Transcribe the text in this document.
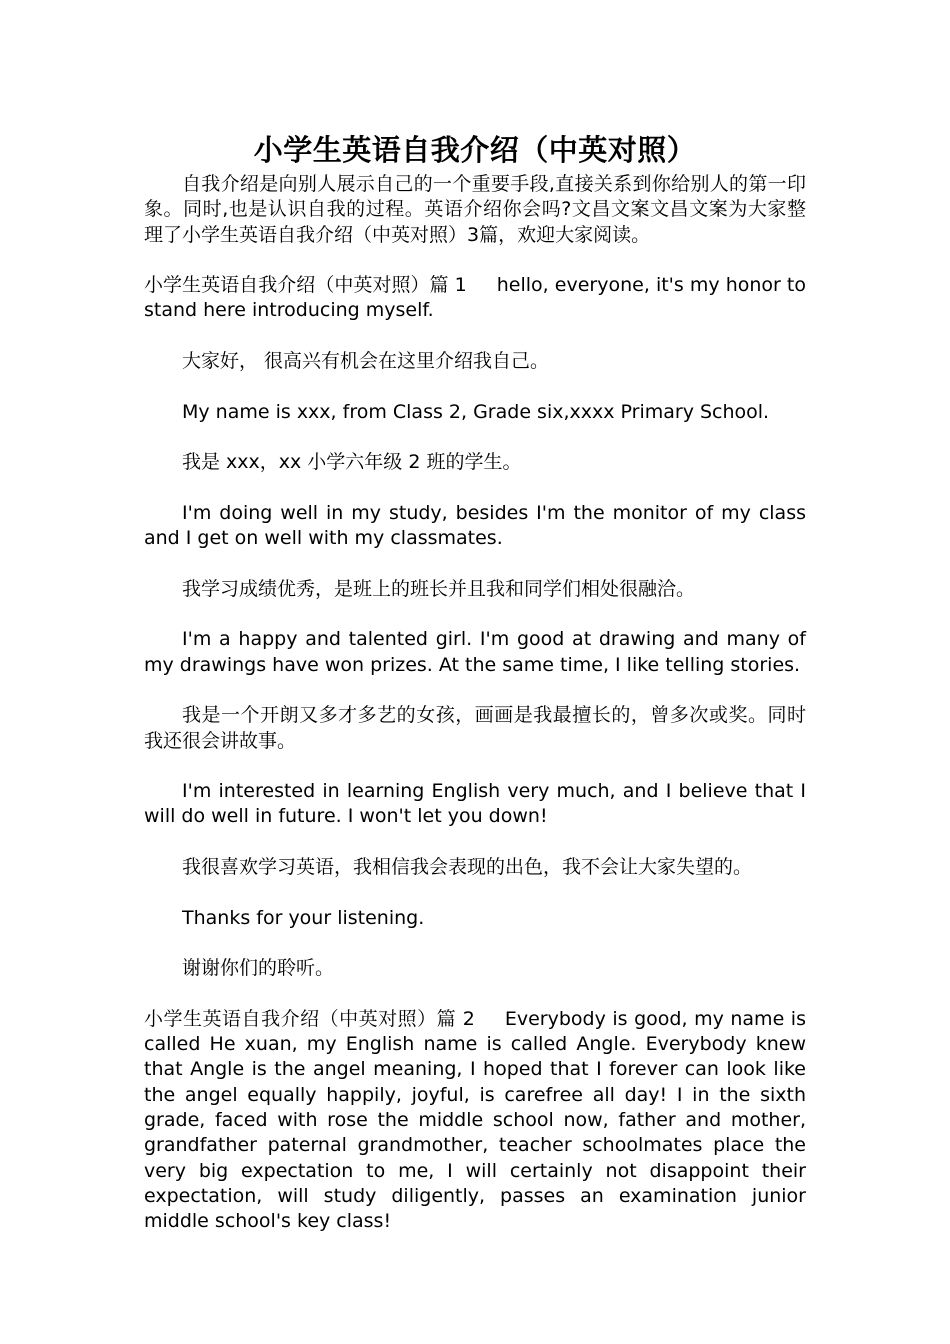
小学生英语自我介绍（中英对照）

自我介绍是向别人展示自己的一个重要手段,直接关系到你给别人的第一印象。同时,也是认识自我的过程。英语介绍你会吗?文昌文案文昌文案为大家整理了小学生英语自我介绍（中英对照）3篇，欢迎大家阅读。

小学生英语自我介绍（中英对照）篇 1 hello, everyone, it's my honor to stand here introducing myself.

大家好， 很高兴有机会在这里介绍我自己。

My name is xxx, from Class 2, Grade six,xxxx Primary School.

我是 xxx，xx 小学六年级 2 班的学生。

I'm doing well in my study, besides I'm the monitor of my class and I get on well with my classmates.

我学习成绩优秀，是班上的班长并且我和同学们相处很融洽。

I'm a happy and talented girl. I'm good at drawing and many of my drawings have won prizes. At the same time, I like telling stories.

我是一个开朗又多才多艺的女孩，画画是我最擅长的，曾多次或奖。同时我还很会讲故事。

I'm interested in learning English very much, and I believe that I will do well in future. I won't let you down!

我很喜欢学习英语，我相信我会表现的出色，我不会让大家失望的。

Thanks for your listening.

谢谢你们的聆听。

小学生英语自我介绍（中英对照）篇 2 Everybody is good, my name is called He xuan, my English name is called Angle. Everybody knew that Angle is the angel meaning, I hoped that I forever can look like the angel equally happily, joyful, is carefree all day! I in the sixth grade, faced with rose the middle school now, father and mother, grandfather paternal grandmother, teacher schoolmates place the very big expectation to me, I will certainly not disappoint their expectation, will study diligently, passes an examination junior middle school's key class!
